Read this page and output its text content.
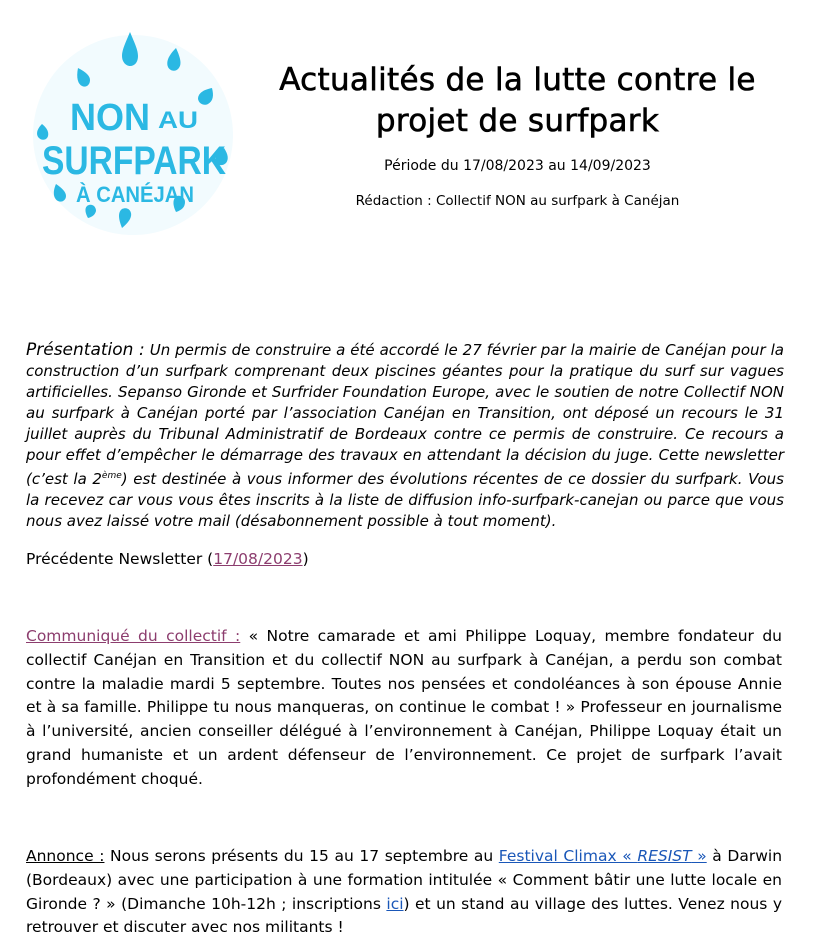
NON AU
SURFPARK
À CANÉJAN
Actualités de la lutte contre le
projet de surfpark
Période du 17/08/2023 au 14/09/2023
Rédaction : Collectif NON au surfpark à Canéjan
Présentation : Un permis de construire a été accordé le 27 février par la mairie de Canéjan pour la construction d’un surfpark comprenant deux piscines géantes pour la pratique du surf sur vagues artificielles. Sepanso Gironde et Surfrider Foundation Europe, avec le soutien de notre Collectif NON au surfpark à Canéjan porté par l’association Canéjan en Transition, ont déposé un recours le 31 juillet auprès du Tribunal Administratif de Bordeaux contre ce permis de construire. Ce recours a pour effet d’empêcher le démarrage des travaux en attendant la décision du juge. Cette newsletter (c’est la 2ème) est destinée à vous informer des évolutions récentes de ce dossier du surfpark. Vous la recevez car vous vous êtes inscrits à la liste de diffusion info-surfpark-canejan ou parce que vous nous avez laissé votre mail (désabonnement possible à tout moment).
Précédente Newsletter (17/08/2023)
Communiqué du collectif : « Notre camarade et ami Philippe Loquay, membre fondateur du collectif Canéjan en Transition et du collectif NON au surfpark à Canéjan, a perdu son combat contre la maladie mardi 5 septembre. Toutes nos pensées et condoléances à son épouse Annie et à sa famille. Philippe tu nous manqueras, on continue le combat ! » Professeur en journalisme à l’université, ancien conseiller délégué à l’environnement à Canéjan, Philippe Loquay était un grand humaniste et un ardent défenseur de l’environnement. Ce projet de surfpark l’avait profondément choqué.
Annonce : Nous serons présents du 15 au 17 septembre au Festival Climax « RESIST » à Darwin (Bordeaux) avec une participation à une formation intitulée « Comment bâtir une lutte locale en Gironde ? » (Dimanche 10h-12h ; inscriptions ici) et un stand au village des luttes. Venez nous y retrouver et discuter avec nos militants !
